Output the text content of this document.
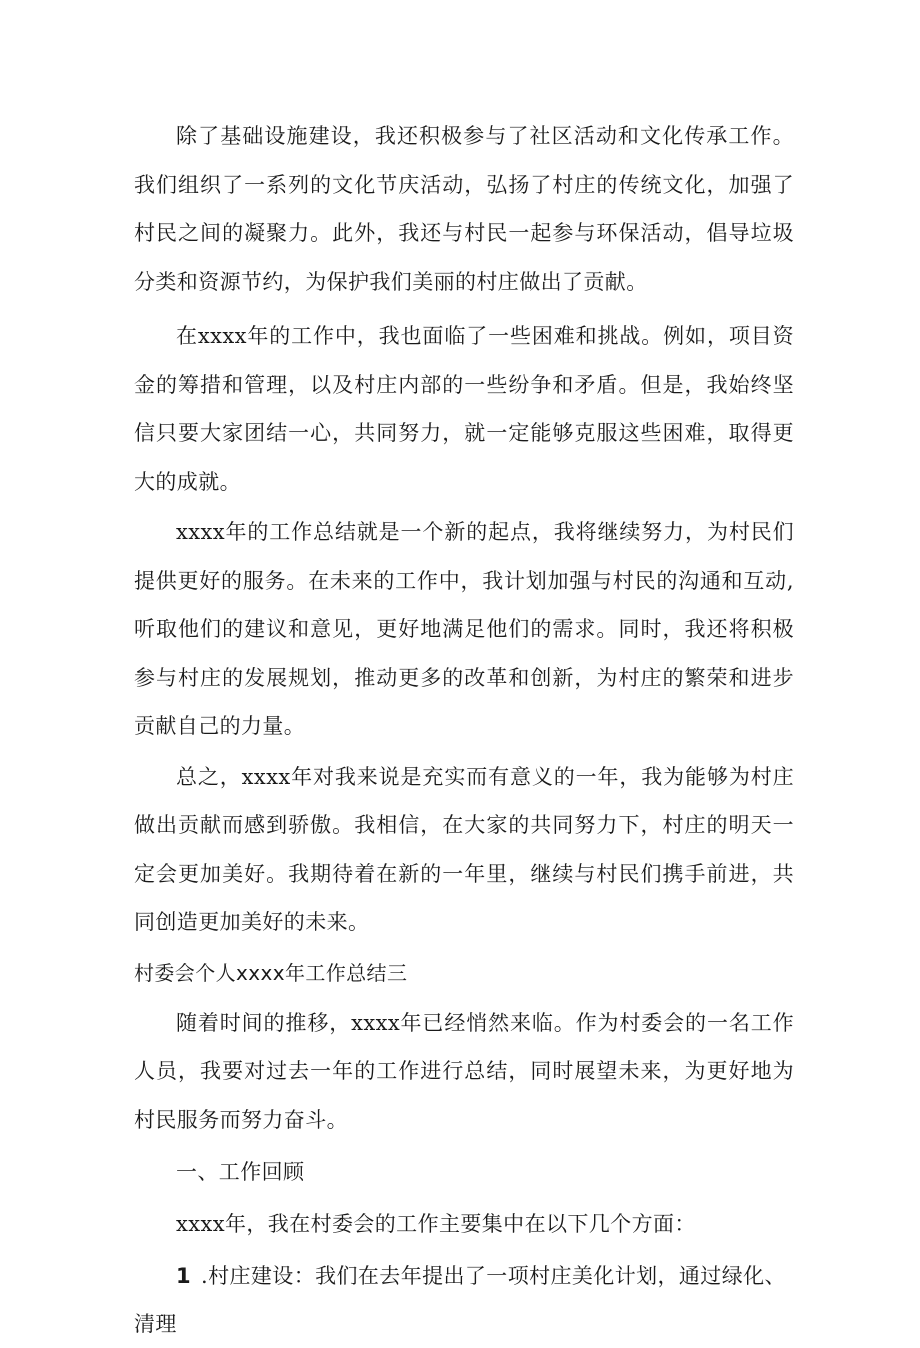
除了基础设施建设，我还积极参与了社区活动和文化传承工作。我们组织了一系列的文化节庆活动，弘扬了村庄的传统文化，加强了村民之间的凝聚力。此外，我还与村民一起参与环保活动，倡导垃圾分类和资源节约，为保护我们美丽的村庄做出了贡献。

在xxxx年的工作中，我也面临了一些困难和挑战。例如，项目资金的筹措和管理，以及村庄内部的一些纷争和矛盾。但是，我始终坚信只要大家团结一心，共同努力，就一定能够克服这些困难，取得更大的成就。

xxxx年的工作总结就是一个新的起点，我将继续努力，为村民们提供更好的服务。在未来的工作中，我计划加强与村民的沟通和互动,听取他们的建议和意见，更好地满足他们的需求。同时，我还将积极参与村庄的发展规划，推动更多的改革和创新，为村庄的繁荣和进步贡献自己的力量。

总之，xxxx年对我来说是充实而有意义的一年，我为能够为村庄做出贡献而感到骄傲。我相信，在大家的共同努力下，村庄的明天一定会更加美好。我期待着在新的一年里，继续与村民们携手前进，共同创造更加美好的未来。

村委会个人xxxx年工作总结三

随着时间的推移，xxxx年已经悄然来临。作为村委会的一名工作人员，我要对过去一年的工作进行总结，同时展望未来，为更好地为村民服务而努力奋斗。

一、工作回顾

xxxx年，我在村委会的工作主要集中在以下几个方面：

1 .村庄建设：我们在去年提出了一项村庄美化计划，通过绿化、清理
